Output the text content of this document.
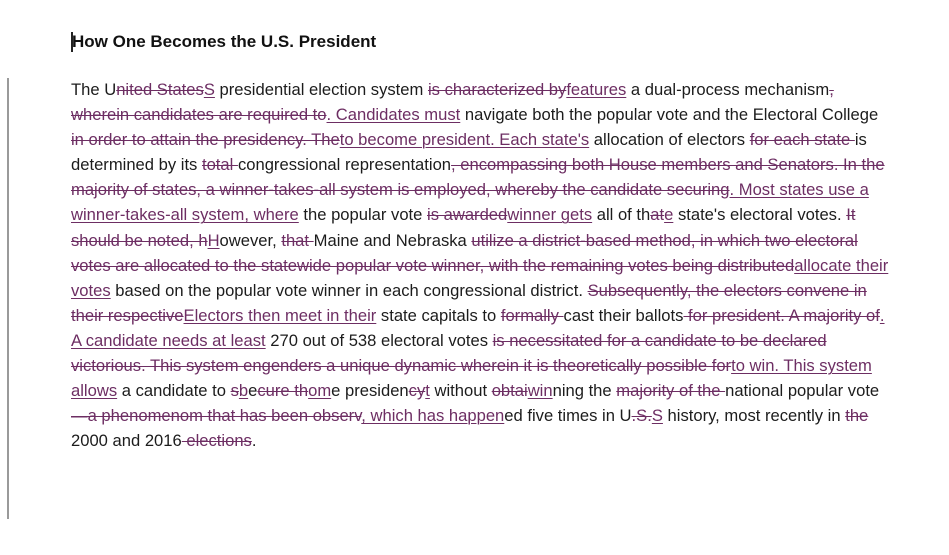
How One Becomes the U.S. President

The United StatesS presidential election system is characterized byfeatures a dual-process mechanism, wherein candidates are required to. Candidates must navigate both the popular vote and the Electoral College in order to attain the presidency. Theto become president. Each state's allocation of electors for each state is determined by its total congressional representation, encompassing both House members and Senators. In the majority of states, a winner-takes-all system is employed, whereby the candidate securing. Most states use a winner-takes-all system, where the popular vote is awardedwinner gets all of thate state's electoral votes. It should be noted, hHowever, that Maine and Nebraska utilize a district-based method, in which two electoral votes are allocated to the statewide popular vote winner, with the remaining votes being distributedallocate their votes based on the popular vote winner in each congressional district. Subsequently, the electors convene in their respectiveElectors then meet in their state capitals to formally cast their ballots for president. A majority of. A candidate needs at least 270 out of 538 electoral votes is necessitated for a candidate to be declared victorious. This system engenders a unique dynamic wherein it is theoretically possible forto win. This system allows a candidate to sbecure thome presidencyt without obtaiwinning the majority of the national popular vote—a phenomenom that has been observ, which has happened five times in U.S.S history, most recently in the 2000 and 2016 elections.
